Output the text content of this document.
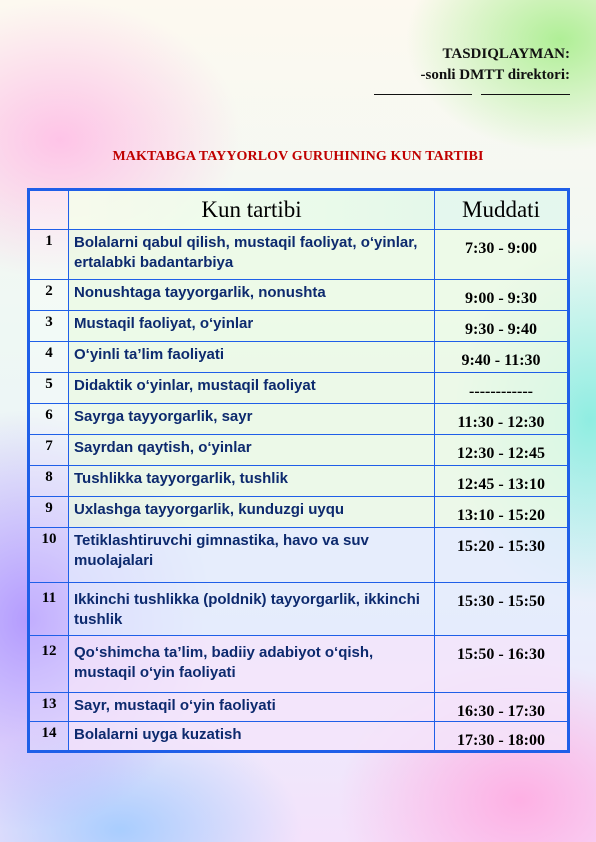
TASDIQLAYMAN:
-sonli DMTT direktori:
MAKTABGA TAYYORLOV GURUHINING KUN TARTIBI
	Kun tartibi	Muddati
1	Bolalarni qabul qilish, mustaqil faoliyat, o‘yinlar, ertalabki badantarbiya	7:30 - 9:00
2	Nonushtaga tayyorgarlik, nonushta	9:00 - 9:30
3	Mustaqil faoliyat, o‘yinlar	9:30 - 9:40
4	O‘yinli ta’lim faoliyati	9:40 - 11:30
5	Didaktik o‘yinlar, mustaqil faoliyat	------------
6	Sayrga tayyorgarlik, sayr	11:30 - 12:30
7	Sayrdan qaytish, o‘yinlar	12:30 - 12:45
8	Tushlikka tayyorgarlik, tushlik	12:45 - 13:10
9	Uxlashga tayyorgarlik, kunduzgi uyqu	13:10 - 15:20
10	Tetiklashtiruvchi gimnastika, havo va suv muolajalari	15:20 - 15:30
11	Ikkinchi tushlikka (poldnik) tayyorgarlik, ikkinchi tushlik	15:30 - 15:50
12	Qo‘shimcha ta’lim, badiiy adabiyot o‘qish, mustaqil o‘yin faoliyati	15:50 - 16:30
13	Sayr, mustaqil o‘yin faoliyati	16:30 - 17:30
14	Bolalarni uyga kuzatish	17:30 - 18:00
